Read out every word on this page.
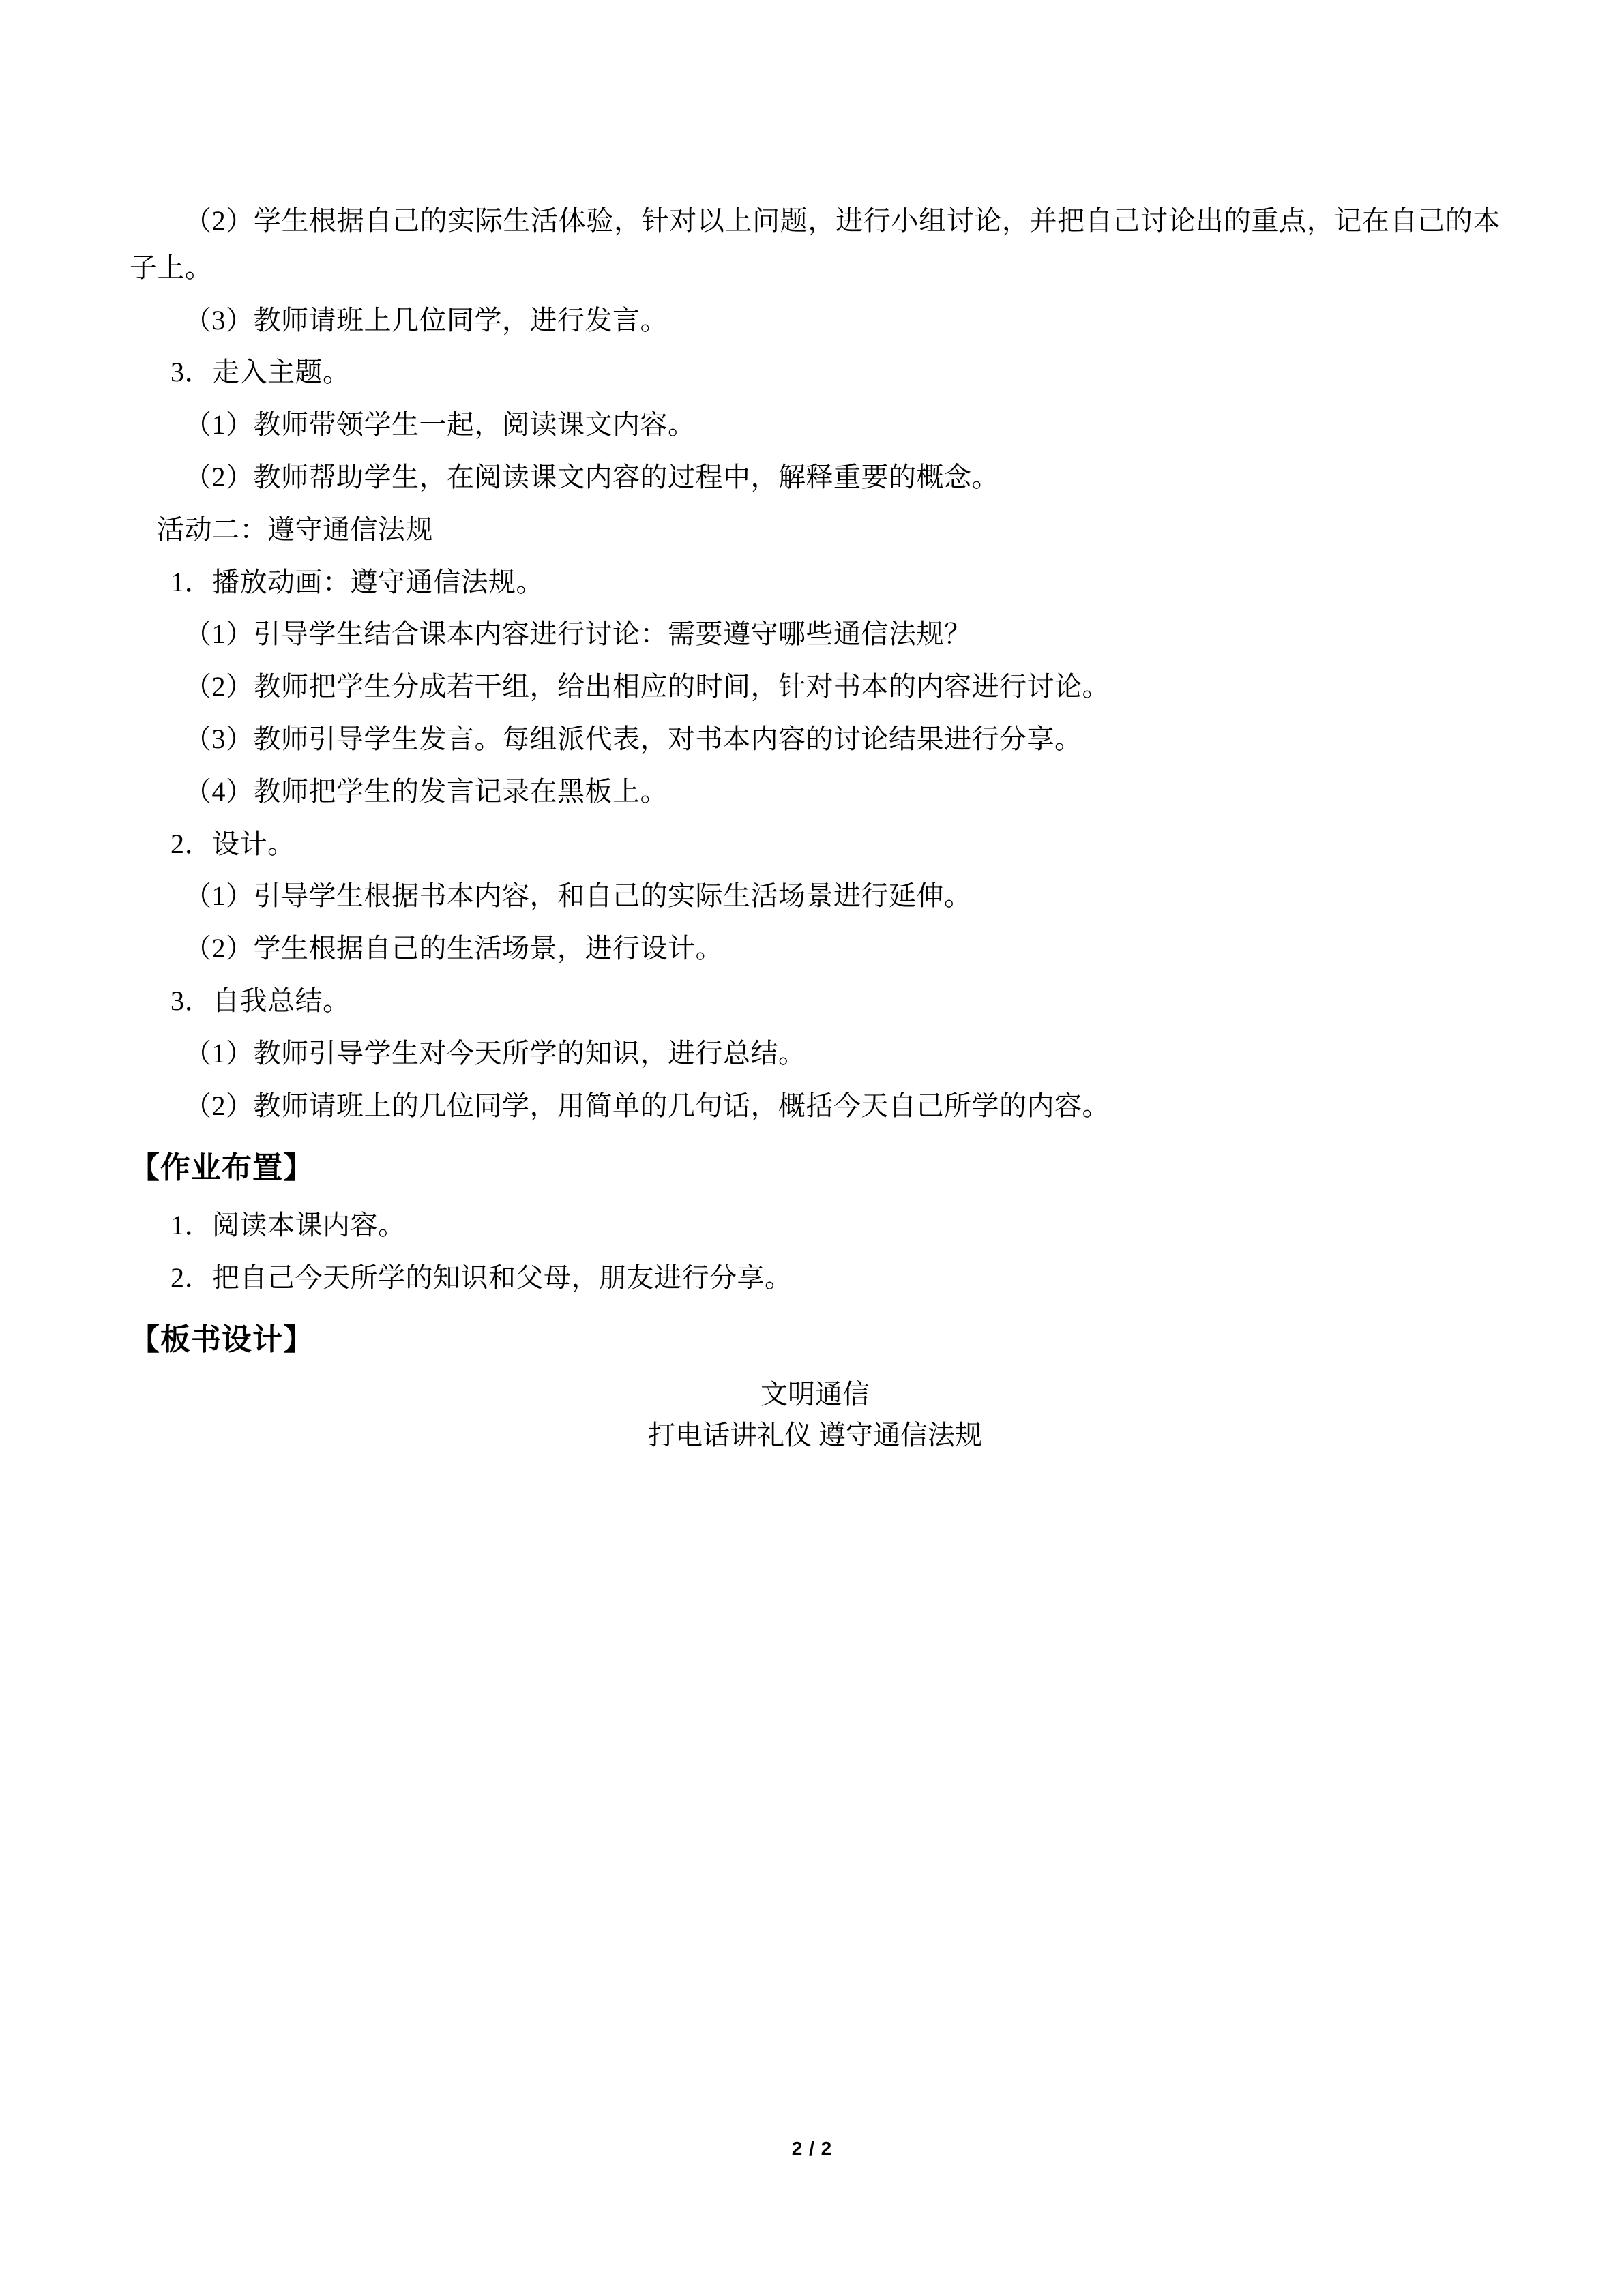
（2）学生根据自己的实际生活体验，针对以上问题，进行小组讨论，并把自己讨论出的重点，记在自己的本子上。

（3）教师请班上几位同学，进行发言。

3．走入主题。

（1）教师带领学生一起，阅读课文内容。

（2）教师帮助学生，在阅读课文内容的过程中，解释重要的概念。

活动二：遵守通信法规

1．播放动画：遵守通信法规。

（1）引导学生结合课本内容进行讨论：需要遵守哪些通信法规？

（2）教师把学生分成若干组，给出相应的时间，针对书本的内容进行讨论。

（3）教师引导学生发言。每组派代表，对书本内容的讨论结果进行分享。

（4）教师把学生的发言记录在黑板上。

2．设计。

（1）引导学生根据书本内容，和自己的实际生活场景进行延伸。

（2）学生根据自己的生活场景，进行设计。

3．自我总结。

（1）教师引导学生对今天所学的知识，进行总结。

（2）教师请班上的几位同学，用简单的几句话，概括今天自己所学的内容。

【作业布置】

1．阅读本课内容。

2．把自己今天所学的知识和父母，朋友进行分享。

【板书设计】
文明通信
打电话讲礼仪 遵守通信法规
2 / 2
